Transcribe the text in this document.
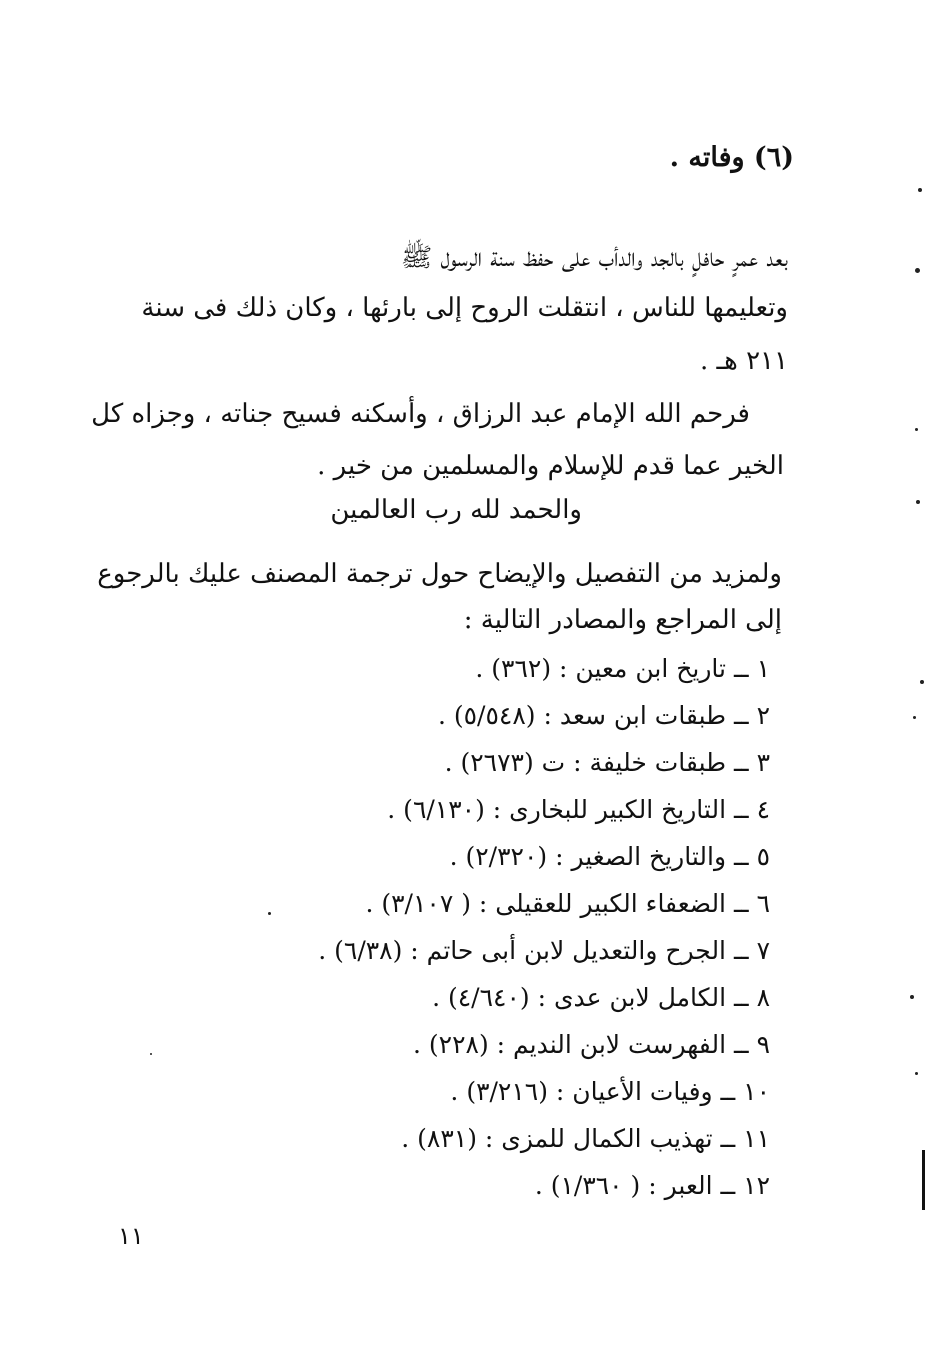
(٦) وفاته .
بعد عمرٍ حافلٍ بالجد والدأب على حفظ سنة الرسول ﷺ
وتعليمها للناس ، انتقلت الروح إلى بارئها ، وكان ذلك فى سنة
٢١١ هـ .
فرحم الله الإمام عبد الرزاق ، وأسكنه فسيح جناته ، وجزاه كل
الخير عما قدم للإسلام والمسلمين من خير .
والحمد لله رب العالمين
ولمزيد من التفصيل والإيضاح حول ترجمة المصنف عليك بالرجوع
إلى المراجع والمصادر التالية :
١ ــ تاريخ ابن معين : (٣٦٢) .
٢ ــ طبقات ابن سعد : (٥/٥٤٨) .
٣ ــ طبقات خليفة : ت (٢٦٧٣) .
٤ ــ التاريخ الكبير للبخارى : (٦/١٣٠) .
٥ ــ والتاريخ الصغير : (٢/٣٢٠) .
٦ ــ الضعفاء الكبير للعقيلى : ( ٣/١٠٧) .
٧ ــ الجرح والتعديل لابن أبى حاتم : (٦/٣٨) .
٨ ــ الكامل لابن عدى : (٤/٦٤٠) .
٩ ــ الفهرست لابن النديم : (٢٢٨) .
١٠ ــ وفيات الأعيان : (٣/٢١٦) .
١١ ــ تهذيب الكمال للمزى : (٨٣١) .
١٢ ــ العبر : ( ١/٣٦٠) .
١١
